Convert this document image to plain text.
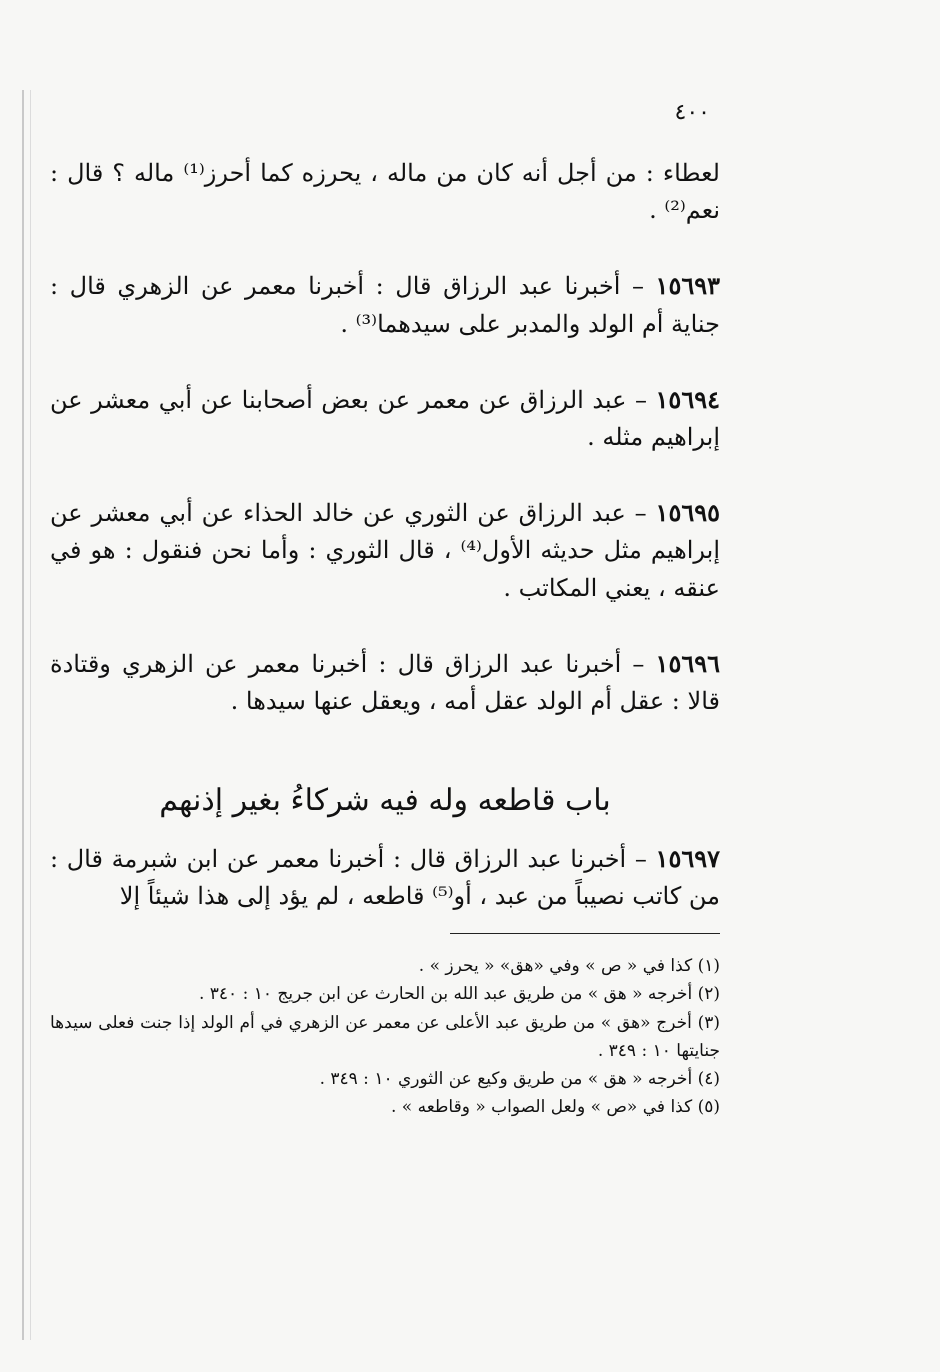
٤٠٠

لعطاء : من أجل أنه كان من ماله ، يحرزه كما أحرز⁽¹⁾ ماله ؟ قال : نعم⁽²⁾ .

١٥٦٩٣ – أخبرنا عبد الرزاق قال : أخبرنا معمر عن الزهري قال : جناية أم الولد والمدبر على سيدهما⁽³⁾ .

١٥٦٩٤ – عبد الرزاق عن معمر عن بعض أصحابنا عن أبي معشر عن إبراهيم مثله .

١٥٦٩٥ – عبد الرزاق عن الثوري عن خالد الحذاء عن أبي معشر عن إبراهيم مثل حديثه الأول⁽⁴⁾ ، قال الثوري : وأما نحن فنقول : هو في عنقه ، يعني المكاتب .

١٥٦٩٦ – أخبرنا عبد الرزاق قال : أخبرنا معمر عن الزهري وقتادة قالا : عقل أم الولد عقل أمه ، ويعقل عنها سيدها .

باب قاطعه وله فيه شركاءُ بغير إذنهم

١٥٦٩٧ – أخبرنا عبد الرزاق قال : أخبرنا معمر عن ابن شبرمة قال : من كاتب نصيباً من عبد ، أو⁽⁵⁾ قاطعه ، لم يؤد إلى هذا شيئاً إلا

(١) كذا في « ص » وفي «هق» « يحرز » .
(٢) أخرجه « هق » من طريق عبد الله بن الحارث عن ابن جريج ١٠ : ٣٤٠ .
(٣) أخرج «هق » من طريق عبد الأعلى عن معمر عن الزهري في أم الولد إذا جنت فعلى سيدها جنايتها ١٠ : ٣٤٩ .
(٤) أخرجه « هق » من طريق وكيع عن الثوري ١٠ : ٣٤٩ .
(٥) كذا في «ص » ولعل الصواب « وقاطعه » .
